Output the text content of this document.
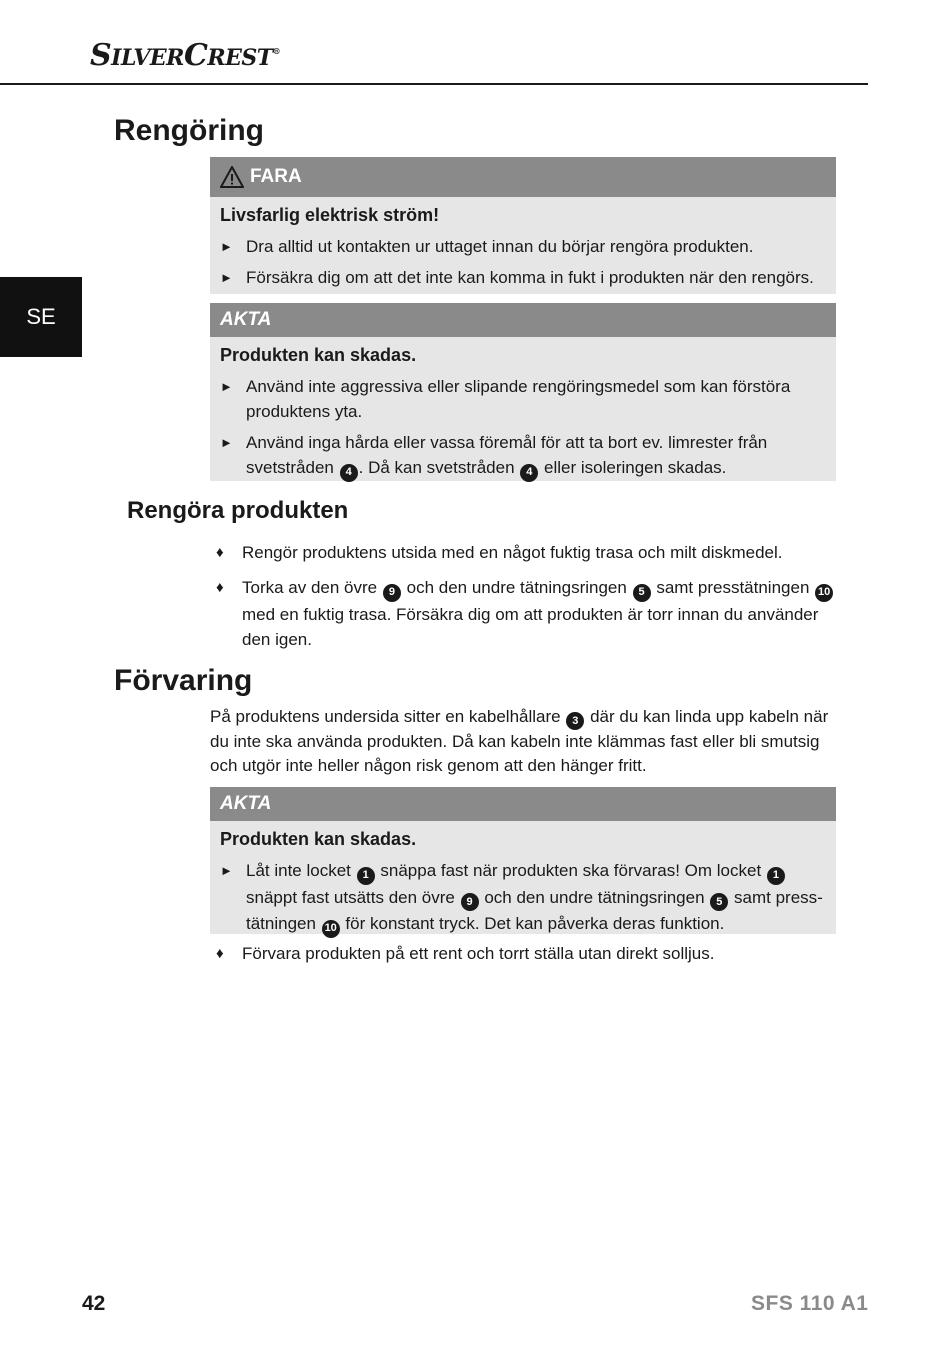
SILVERCREST®
SE
Rengöring
FARA
Livsfarlig elektrisk ström!
► Dra alltid ut kontakten ur uttaget innan du börjar rengöra produkten.
► Försäkra dig om att det inte kan komma in fukt i produkten när den rengörs.
AKTA
Produkten kan skadas.
► Använd inte aggressiva eller slipande rengöringsmedel som kan förstöra produktens yta.
► Använd inga hårda eller vassa föremål för att ta bort ev. limrester från svetstråden 4 . Då kan svetstråden 4 eller isoleringen skadas.
Rengöra produkten
♦ Rengör produktens utsida med en något fuktig trasa och milt diskmedel.
♦ Torka av den övre 9 och den undre tätningsringen 5 samt presstätningen 10 med en fuktig trasa. Försäkra dig om att produkten är torr innan du använder den igen.
Förvaring
På produktens undersida sitter en kabelhållare 3 där du kan linda upp kabeln när du inte ska använda produkten. Då kan kabeln inte klämmas fast eller bli smutsig och utgör inte heller någon risk genom att den hänger fritt.
AKTA
Produkten kan skadas.
► Låt inte locket 1 snäppa fast när produkten ska förvaras! Om locket 1 snäppt fast utsätts den övre 9 och den undre tätningsringen 5 samt press-tätningen 10 för konstant tryck. Det kan påverka deras funktion.
♦ Förvara produkten på ett rent och torrt ställa utan direkt solljus.
42	SFS 110 A1
